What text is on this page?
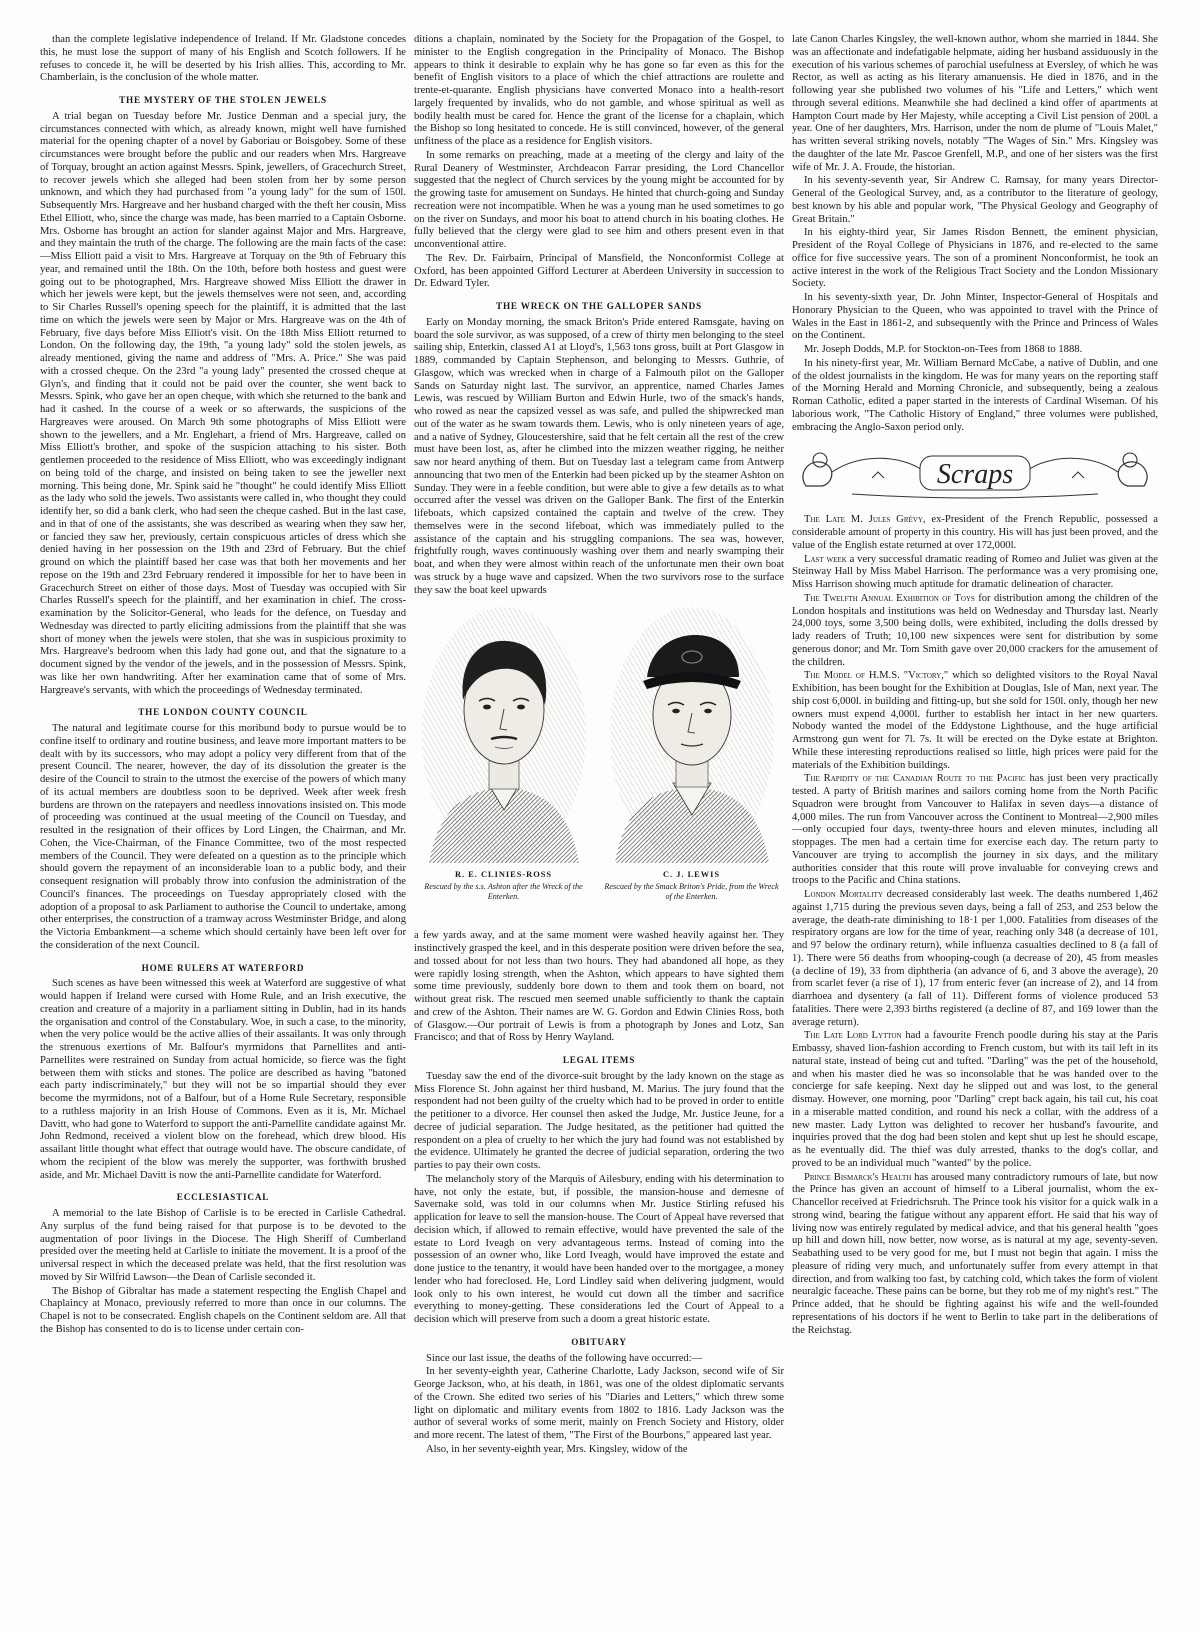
than the complete legislative independence of Ireland. If Mr. Gladstone concedes this, he must lose the support of many of his English and Scotch followers. If he refuses to concede it, he will be deserted by his Irish allies. This, according to Mr. Chamberlain, is the conclusion of the whole matter.

THE MYSTERY OF THE STOLEN JEWELS

A trial began on Tuesday before Mr. Justice Denman and a special jury, the circumstances connected with which, as already known, might well have furnished material for the opening chapter of a novel by Gaboriau or Boisgobey. Some of these circumstances were brought before the public and our readers when Mrs. Hargreave of Torquay, brought an action against Messrs. Spink, jewellers, of Gracechurch Street, to recover jewels which she alleged had been stolen from her by some person unknown, and which they had purchased from "a young lady" for the sum of 150l. Subsequently Mrs. Hargreave and her husband charged with the theft her cousin, Miss Ethel Elliott, who, since the charge was made, has been married to a Captain Osborne. Mrs. Osborne has brought an action for slander against Major and Mrs. Hargreave, and they maintain the truth of the charge. The following are the main facts of the case:—Miss Elliott paid a visit to Mrs. Hargreave at Torquay on the 9th of February this year, and remained until the 18th. On the 10th, before both hostess and guest were going out to be photographed, Mrs. Hargreave showed Miss Elliott the drawer in which her jewels were kept, but the jewels themselves were not seen, and, according to Sir Charles Russell's opening speech for the plaintiff, it is admitted that the last time on which the jewels were seen by Major or Mrs. Hargreave was on the 4th of February, five days before Miss Elliott's visit. On the 18th Miss Elliott returned to London. On the following day, the 19th, "a young lady" sold the stolen jewels, as already mentioned, giving the name and address of "Mrs. A. Price." She was paid with a crossed cheque. On the 23rd "a young lady" presented the crossed cheque at Glyn's, and finding that it could not be paid over the counter, she went back to Messrs. Spink, who gave her an open cheque, with which she returned to the bank and had it cashed. In the course of a week or so afterwards, the suspicions of the Hargreaves were aroused. On March 9th some photographs of Miss Elliott were shown to the jewellers, and a Mr. Englehart, a friend of Mrs. Hargreave, called on Miss Elliott's brother, and spoke of the suspicion attaching to his sister. Both gentlemen proceeded to the residence of Miss Elliott, who was exceedingly indignant on being told of the charge, and insisted on being taken to see the jeweller next morning. This being done, Mr. Spink said he "thought" he could identify Miss Elliott as the lady who sold the jewels. Two assistants were called in, who thought they could identify her, so did a bank clerk, who had seen the cheque cashed. But in the last case, and in that of one of the assistants, she was described as wearing when they saw her, or fancied they saw her, previously, certain conspicuous articles of dress which she denied having in her possession on the 19th and 23rd of February. But the chief ground on which the plaintiff based her case was that both her movements and her repose on the 19th and 23rd February rendered it impossible for her to have been in Gracechurch Street on either of those days. Most of Tuesday was occupied with Sir Charles Russell's speech for the plaintiff, and her examination in chief. The cross-examination by the Solicitor-General, who leads for the defence, on Tuesday and Wednesday was directed to partly eliciting admissions from the plaintiff that she was short of money when the jewels were stolen, that she was in suspicious proximity to Mrs. Hargreave's bedroom when this lady had gone out, and that the signature to a document signed by the vendor of the jewels, and in the possession of Messrs. Spink, was like her own handwriting. After her examination came that of some of Mrs. Hargreave's servants, with which the proceedings of Wednesday terminated.

THE LONDON COUNTY COUNCIL

The natural and legitimate course for this moribund body to pursue would be to confine itself to ordinary and routine business, and leave more important matters to be dealt with by its successors, who may adopt a policy very different from that of the present Council. The nearer, however, the day of its dissolution the greater is the desire of the Council to strain to the utmost the exercise of the powers of which many of its actual members are doubtless soon to be deprived. Week after week fresh burdens are thrown on the ratepayers and needless innovations insisted on. This mode of proceeding was continued at the usual meeting of the Council on Tuesday, and resulted in the resignation of their offices by Lord Lingen, the Chairman, and Mr. Cohen, the Vice-Chairman, of the Finance Committee, two of the most respected members of the Council. They were defeated on a question as to the principle which should govern the repayment of an inconsiderable loan to a public body, and their consequent resignation will probably throw into confusion the administration of the Council's finances. The proceedings on Tuesday appropriately closed with the adoption of a proposal to ask Parliament to authorise the Council to undertake, among other enterprises, the construction of a tramway across Westminster Bridge, and along the Victoria Embankment—a scheme which should certainly have been left over for the consideration of the next Council.

HOME RULERS AT WATERFORD

Such scenes as have been witnessed this week at Waterford are suggestive of what would happen if Ireland were cursed with Home Rule, and an Irish executive, the creation and creature of a majority in a parliament sitting in Dublin, had in its hands the organisation and control of the Constabulary. Woe, in such a case, to the minority, when the very police would be the active allies of their assailants. It was only through the strenuous exertions of Mr. Balfour's myrmidons that Parnellites and anti-Parnellites were restrained on Sunday from actual homicide, so fierce was the fight between them with sticks and stones. The police are described as having "batoned each party indiscriminately," but they will not be so impartial should they ever become the myrmidons, not of a Balfour, but of a Home Rule Secretary, responsible to a ruthless majority in an Irish House of Commons. Even as it is, Mr. Michael Davitt, who had gone to Waterford to support the anti-Parnellite candidate against Mr. John Redmond, received a violent blow on the forehead, which drew blood. His assailant little thought what effect that outrage would have. The obscure candidate, of whom the recipient of the blow was merely the supporter, was forthwith brushed aside, and Mr. Michael Davitt is now the anti-Parnellite candidate for Waterford.

ECCLESIASTICAL

A memorial to the late Bishop of Carlisle is to be erected in Carlisle Cathedral. Any surplus of the fund being raised for that purpose is to be devoted to the augmentation of poor livings in the Diocese. The High Sheriff of Cumberland presided over the meeting held at Carlisle to initiate the movement. It is a proof of the universal respect in which the deceased prelate was held, that the first resolution was moved by Sir Wilfrid Lawson—the Dean of Carlisle seconded it.

The Bishop of Gibraltar has made a statement respecting the English Chapel and Chaplaincy at Monaco, previously referred to more than once in our columns. The Chapel is not to be consecrated. English chapels on the Continent seldom are. All that the Bishop has consented to do is to license under certain con-

ditions a chaplain, nominated by the Society for the Propagation of the Gospel, to minister to the English congregation in the Principality of Monaco. The Bishop appears to think it desirable to explain why he has gone so far even as this for the benefit of English visitors to a place of which the chief attractions are roulette and trente-et-quarante. English physicians have converted Monaco into a health-resort largely frequented by invalids, who do not gamble, and whose spiritual as well as bodily health must be cared for. Hence the grant of the license for a chaplain, which the Bishop so long hesitated to concede. He is still convinced, however, of the general unfitness of the place as a residence for English visitors.

In some remarks on preaching, made at a meeting of the clergy and laity of the Rural Deanery of Westminster, Archdeacon Farrar presiding, the Lord Chancellor suggested that the neglect of Church services by the young might be accounted for by the growing taste for amusement on Sundays. He hinted that church-going and Sunday recreation were not incompatible. When he was a young man he used sometimes to go on the river on Sundays, and moor his boat to attend church in his boating clothes. He fully believed that the clergy were glad to see him and others present even in that unconventional attire.

The Rev. Dr. Fairbairn, Principal of Mansfield, the Nonconformist College at Oxford, has been appointed Gifford Lecturer at Aberdeen University in succession to Dr. Edward Tyler.

THE WRECK ON THE GALLOPER SANDS

Early on Monday morning, the smack Briton's Pride entered Ramsgate, having on board the sole survivor, as was supposed, of a crew of thirty men belonging to the steel sailing ship, Enterkin, classed A1 at Lloyd's, 1,563 tons gross, built at Port Glasgow in 1889, commanded by Captain Stephenson, and belonging to Messrs. Guthrie, of Glasgow, which was wrecked when in charge of a Falmouth pilot on the Galloper Sands on Saturday night last. The survivor, an apprentice, named Charles James Lewis, was rescued by William Burton and Edwin Hurle, two of the smack's hands, who rowed as near the capsized vessel as was safe, and pulled the shipwrecked man out of the water as he swam towards them. Lewis, who is only nineteen years of age, and a native of Sydney, Gloucestershire, said that he felt certain all the rest of the crew must have been lost, as, after he climbed into the mizzen weather rigging, he neither saw nor heard anything of them. But on Tuesday last a telegram came from Antwerp announcing that two men of the Enterkin had been picked up by the steamer Ashton on Sunday. They were in a feeble condition, but were able to give a few details as to what occurred after the vessel was driven on the Galloper Bank. The first of the Enterkin lifeboats, which capsized contained the captain and twelve of the crew. They themselves were in the second lifeboat, which was immediately pulled to the assistance of the captain and his struggling companions. The sea was, however, frightfully rough, waves continuously washing over them and nearly swamping their boat, and when they were almost within reach of the unfortunate men their own boat was struck by a huge wave and capsized. When the two survivors rose to the surface they saw the boat keel upwards

R. E. CLINIES-ROSS
Rescued by the s.s. Ashton after the Wreck of the Enterken.
C. J. LEWIS
Rescued by the Smack Briton's Pride, from the Wreck of the Enterken.

a few yards away, and at the same moment were washed heavily against her. They instinctively grasped the keel, and in this desperate position were driven before the sea, and tossed about for not less than two hours. They had abandoned all hope, as they were rapidly losing strength, when the Ashton, which appears to have sighted them some time previously, suddenly bore down to them and took them on board, not without great risk. The rescued men seemed unable sufficiently to thank the captain and crew of the Ashton. Their names are W. G. Gordon and Edwin Clinies Ross, both of Glasgow.—Our portrait of Lewis is from a photograph by Jones and Lotz, San Francisco; and that of Ross by Henry Wayland.

LEGAL ITEMS

Tuesday saw the end of the divorce-suit brought by the lady known on the stage as Miss Florence St. John against her third husband, M. Marius. The jury found that the respondent had not been guilty of the cruelty which had to be proved in order to entitle the petitioner to a divorce. Her counsel then asked the Judge, Mr. Justice Jeune, for a decree of judicial separation. The Judge hesitated, as the petitioner had quitted the respondent on a plea of cruelty to her which the jury had found was not established by the evidence. Ultimately he granted the decree of judicial separation, ordering the two parties to pay their own costs.

The melancholy story of the Marquis of Ailesbury, ending with his determination to have, not only the estate, but, if possible, the mansion-house and demesne of Savernake sold, was told in our columns when Mr. Justice Stirling refused his application for leave to sell the mansion-house. The Court of Appeal have reversed that decision which, if allowed to remain effective, would have prevented the sale of the estate to Lord Iveagh on very advantageous terms. Instead of coming into the possession of an owner who, like Lord Iveagh, would have improved the estate and done justice to the tenantry, it would have been handed over to the mortgagee, a money lender who had foreclosed. He, Lord Lindley said when delivering judgment, would look only to his own interest, he would cut down all the timber and sacrifice everything to money-getting. These considerations led the Court of Appeal to a decision which will preserve from such a doom a great historic estate.

OBITUARY

Since our last issue, the deaths of the following have occurred:—

In her seventy-eighth year, Catherine Charlotte, Lady Jackson, second wife of Sir George Jackson, who, at his death, in 1861, was one of the oldest diplomatic servants of the Crown. She edited two series of his "Diaries and Letters," which threw some light on diplomatic and military events from 1802 to 1816. Lady Jackson was the author of several works of some merit, mainly on French Society and History, older and more recent. The latest of them, "The First of the Bourbons," appeared last year.

Also, in her seventy-eighth year, Mrs. Kingsley, widow of the

late Canon Charles Kingsley, the well-known author, whom she married in 1844. She was an affectionate and indefatigable helpmate, aiding her husband assiduously in the execution of his various schemes of parochial usefulness at Eversley, of which he was Rector, as well as acting as his literary amanuensis. He died in 1876, and in the following year she published two volumes of his "Life and Letters," which went through several editions. Meanwhile she had declined a kind offer of apartments at Hampton Court made by Her Majesty, while accepting a Civil List pension of 200l. a year. One of her daughters, Mrs. Harrison, under the nom de plume of "Louis Malet," has written several striking novels, notably "The Wages of Sin." Mrs. Kingsley was the daughter of the late Mr. Pascoe Grenfell, M.P., and one of her sisters was the first wife of Mr. J. A. Froude, the historian.

In his seventy-seventh year, Sir Andrew C. Ramsay, for many years Director-General of the Geological Survey, and, as a contributor to the literature of geology, best known by his able and popular work, "The Physical Geology and Geography of Great Britain."

In his eighty-third year, Sir James Risdon Bennett, the eminent physician, President of the Royal College of Physicians in 1876, and re-elected to the same office for five successive years. The son of a prominent Nonconformist, he took an active interest in the work of the Religious Tract Society and the London Missionary Society.

In his seventy-sixth year, Dr. John Minter, Inspector-General of Hospitals and Honorary Physician to the Queen, who was appointed to travel with the Prince of Wales in the East in 1861-2, and subsequently with the Prince and Princess of Wales on the Continent.

Mr. Joseph Dodds, M.P. for Stockton-on-Tees from 1868 to 1888.

In his ninety-first year, Mr. William Bernard McCabe, a native of Dublin, and one of the oldest journalists in the kingdom. He was for many years on the reporting staff of the Morning Herald and Morning Chronicle, and subsequently, being a zealous Roman Catholic, edited a paper started in the interests of Cardinal Wiseman. Of his laborious work, "The Catholic History of England," three volumes were published, embracing the Anglo-Saxon period only.

Scraps

The Late M. Jules Grévy, ex-President of the French Republic, possessed a considerable amount of property in this country. His will has just been proved, and the value of the English estate returned at over 172,000l.

Last week a very successful dramatic reading of Romeo and Juliet was given at the Steinway Hall by Miss Mabel Harrison. The performance was a very promising one, Miss Harrison showing much aptitude for dramatic delineation of character.

The Twelfth Annual Exhibition of Toys for distribution among the children of the London hospitals and institutions was held on Wednesday and Thursday last. Nearly 24,000 toys, some 3,500 being dolls, were exhibited, including the dolls dressed by lady readers of Truth; 10,100 new sixpences were sent for distribution by some generous donor; and Mr. Tom Smith gave over 20,000 crackers for the amusement of the children.

The Model of H.M.S. "Victory," which so delighted visitors to the Royal Naval Exhibition, has been bought for the Exhibition at Douglas, Isle of Man, next year. The ship cost 6,000l. in building and fitting-up, but she sold for 150l. only, though her new owners must expend 4,000l. further to establish her intact in her new quarters. Nobody wanted the model of the Eddystone Lighthouse, and the huge artificial Armstrong gun went for 7l. 7s. It will be erected on the Dyke estate at Brighton. While these interesting reproductions realised so little, high prices were paid for the materials of the Exhibition buildings.

The Rapidity of the Canadian Route to the Pacific has just been very practically tested. A party of British marines and sailors coming home from the North Pacific Squadron were brought from Vancouver to Halifax in seven days—a distance of 4,000 miles. The run from Vancouver across the Continent to Montreal—2,900 miles—only occupied four days, twenty-three hours and eleven minutes, including all stoppages. The men had a certain time for exercise each day. The return party to Vancouver are trying to accomplish the journey in six days, and the military authorities consider that this route will prove invaluable for conveying crews and troops to the Pacific and China stations.

London Mortality decreased considerably last week. The deaths numbered 1,462 against 1,715 during the previous seven days, being a fall of 253, and 253 below the average, the death-rate diminishing to 18·1 per 1,000. Fatalities from diseases of the respiratory organs are low for the time of year, reaching only 348 (a decrease of 101, and 97 below the ordinary return), while influenza casualties declined to 8 (a fall of 1). There were 56 deaths from whooping-cough (a decrease of 20), 45 from measles (a decline of 19), 33 from diphtheria (an advance of 6, and 3 above the average), 20 from scarlet fever (a rise of 1), 17 from enteric fever (an increase of 2), and 14 from diarrhoea and dysentery (a fall of 11). Different forms of violence produced 53 fatalities. There were 2,393 births registered (a decline of 87, and 169 lower than the average return).

The Late Lord Lytton had a favourite French poodle during his stay at the Paris Embassy, shaved lion-fashion according to French custom, but with its tail left in its natural state, instead of being cut and tufted. "Darling" was the pet of the household, and when his master died he was so inconsolable that he was handed over to the concierge for safe keeping. Next day he slipped out and was lost, to the general dismay. However, one morning, poor "Darling" crept back again, his tail cut, his coat in a miserable matted condition, and round his neck a collar, with the address of a new master. Lady Lytton was delighted to recover her husband's favourite, and inquiries proved that the dog had been stolen and kept shut up lest he should escape, as he eventually did. The thief was duly arrested, thanks to the dog's collar, and proved to be an individual much "wanted" by the police.

Prince Bismarck's Health has aroused many contradictory rumours of late, but now the Prince has given an account of himself to a Liberal journalist, whom the ex-Chancellor received at Friedrichsruh. The Prince took his visitor for a quick walk in a strong wind, bearing the fatigue without any apparent effort. He said that his way of living now was entirely regulated by medical advice, and that his general health "goes up hill and down hill, now better, now worse, as is natural at my age, seventy-seven. Seabathing used to be very good for me, but I must not begin that again. I miss the pleasure of riding very much, and unfortunately suffer from every attempt in that direction, and from walking too fast, by catching cold, which takes the form of violent neuralgic faceache. These pains can be borne, but they rob me of my night's rest." The Prince added, that he should be fighting against his wife and the well-founded representations of his doctors if he went to Berlin to take part in the deliberations of the Reichstag.
